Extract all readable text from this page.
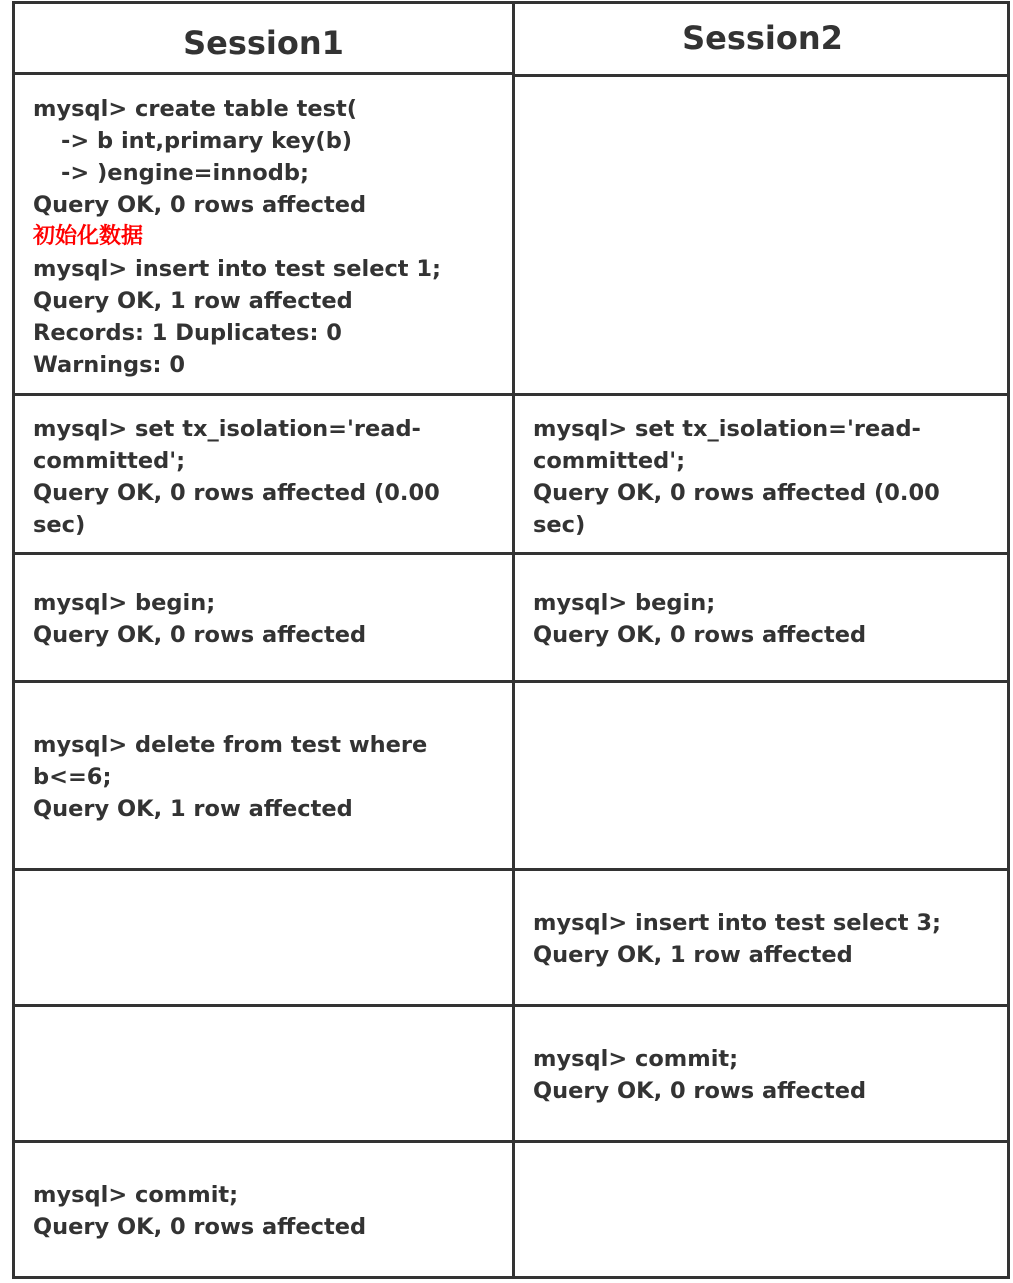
Session1	Session2
mysql> create table test(
-> b int,primary key(b)
-> )engine=innodb;
Query OK, 0 rows affected
初始化数据
mysql> insert into test select 1;
Query OK, 1 row affected
Records: 1 Duplicates: 0
Warnings: 0
mysql> set tx_isolation='read-
committed';
Query OK, 0 rows affected (0.00
sec)
mysql> set tx_isolation='read-
committed';
Query OK, 0 rows affected (0.00
sec)
mysql> begin;
Query OK, 0 rows affected
mysql> begin;
Query OK, 0 rows affected
mysql> delete from test where
b<=6;
Query OK, 1 row affected
mysql> insert into test select 3;
Query OK, 1 row affected
mysql> commit;
Query OK, 0 rows affected
mysql> commit;
Query OK, 0 rows affected
